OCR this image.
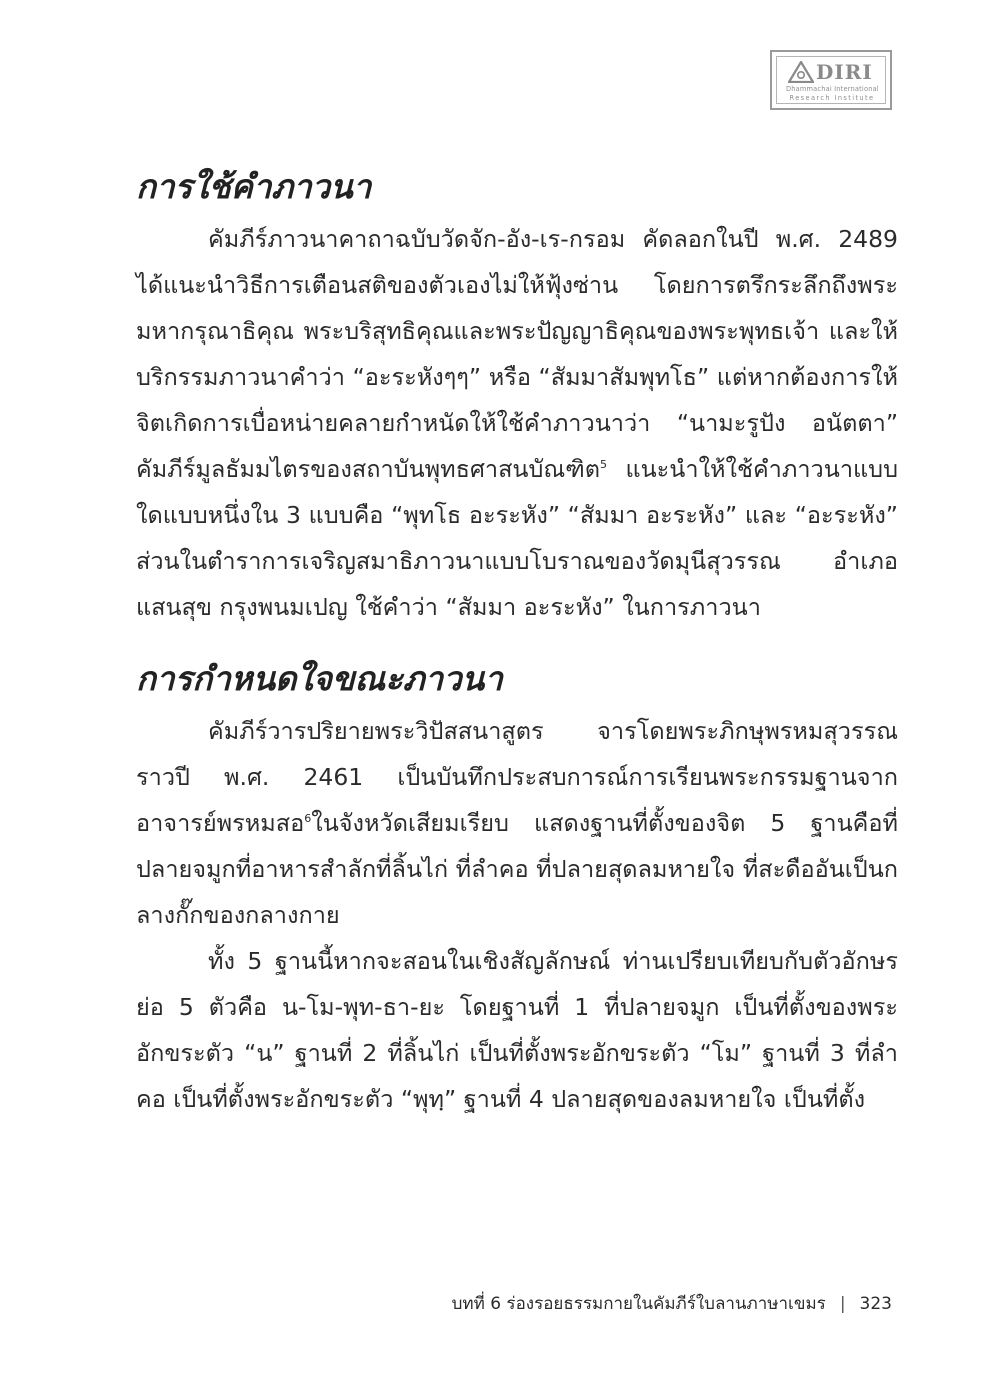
DIRI
Dhammachai International
Research Institute
การใช้คำภาวนา

คัมภีร์ภาวนาคาถาฉบับวัดจัก-อัง-เร-กรอม คัดลอกในปี พ.ศ. 2489 ได้แนะนำวิธีการเตือนสติของตัวเองไม่ให้ฟุ้งซ่าน โดยการตรึกระลึกถึงพระมหากรุณาธิคุณ พระบริสุทธิคุณและพระปัญญาธิคุณของพระพุทธเจ้า และให้บริกรรมภาวนาคำว่า “อะระหังๆๆ” หรือ “สัมมาสัมพุทโธ” แต่หากต้องการให้จิตเกิดการเบื่อหน่ายคลายกำหนัดให้ใช้คำภาวนาว่า “นามะรูปัง อนัตตา” คัมภีร์มูลธัมมไตรของสถาบันพุทธศาสนบัณฑิต$^5$ แนะนำให้ใช้คำภาวนาแบบใดแบบหนึ่งใน 3 แบบคือ “พุทโธ อะระหัง” “สัมมา อะระหัง” และ “อะระหัง” ส่วนในตำราการเจริญสมาธิภาวนาแบบโบราณของวัดมุนีสุวรรณ อำเภอแสนสุข กรุงพนมเปญ ใช้คำว่า “สัมมา อะระหัง” ในการภาวนา

การกำหนดใจขณะภาวนา

คัมภีร์วารปริยายพระวิปัสสนาสูตร จารโดยพระภิกษุพรหมสุวรรณ ราวปี พ.ศ. 2461 เป็นบันทึกประสบการณ์การเรียนพระกรรมฐานจากอาจารย์พรหมสอ$^6$ในจังหวัดเสียมเรียบ แสดงฐานที่ตั้งของจิต 5 ฐานคือที่ปลายจมูกที่อาหารสำลักที่ลิ้นไก่ ที่ลำคอ ที่ปลายสุดลมหายใจ ที่สะดืออันเป็นกลางกั๊กของกลางกาย

ทั้ง 5 ฐานนี้หากจะสอนในเชิงสัญลักษณ์ ท่านเปรียบเทียบกับตัวอักษรย่อ 5 ตัวคือ น-โม-พุท-ธา-ยะ โดยฐานที่ 1 ที่ปลายจมูก เป็นที่ตั้งของพระอักขระตัว “น” ฐานที่ 2 ที่ลิ้นไก่ เป็นที่ตั้งพระอักขระตัว “โม” ฐานที่ 3 ที่ลำคอ เป็นที่ตั้งพระอักขระตัว “พุทฺ” ฐานที่ 4 ปลายสุดของลมหายใจ เป็นที่ตั้ง

บทที่ 6 ร่องรอยธรรมกายในคัมภีร์ใบลานภาษาเขมร | 323
